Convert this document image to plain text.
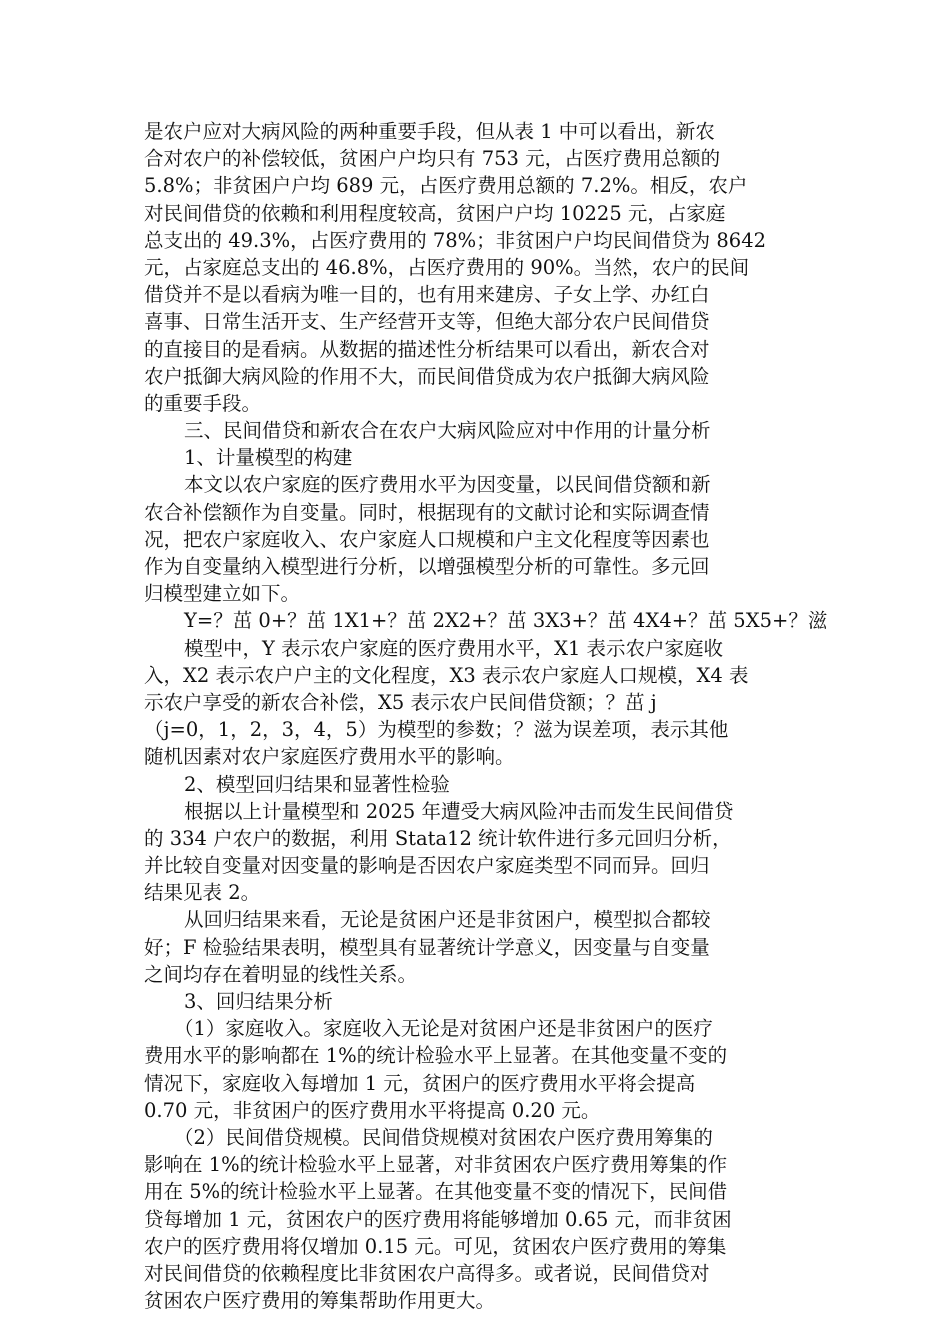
是农户应对大病风险的两种重要手段，但从表 1 中可以看出，新农
合对农户的补偿较低，贫困户户均只有 753 元，占医疗费用总额的
5.8%；非贫困户户均 689 元，占医疗费用总额的 7.2%。相反，农户
对民间借贷的依赖和利用程度较高，贫困户户均 10225 元，占家庭
总支出的 49.3%，占医疗费用的 78%；非贫困户户均民间借贷为 8642
元，占家庭总支出的 46.8%，占医疗费用的 90%。当然，农户的民间
借贷并不是以看病为唯一目的，也有用来建房、子女上学、办红白
喜事、日常生活开支、生产经营开支等，但绝大部分农户民间借贷
的直接目的是看病。从数据的描述性分析结果可以看出，新农合对
农户抵御大病风险的作用不大，而民间借贷成为农户抵御大病风险
的重要手段。
三、民间借贷和新农合在农户大病风险应对中作用的计量分析
1、计量模型的构建
本文以农户家庭的医疗费用水平为因变量，以民间借贷额和新
农合补偿额作为自变量。同时，根据现有的文献讨论和实际调查情
况，把农户家庭收入、农户家庭人口规模和户主文化程度等因素也
作为自变量纳入模型进行分析，以增强模型分析的可靠性。多元回
归模型建立如下。
Y=？茁 0+？茁 1X1+？茁 2X2+？茁 3X3+？茁 4X4+？茁 5X5+？滋
模型中，Y 表示农户家庭的医疗费用水平，X1 表示农户家庭收
入，X2 表示农户户主的文化程度，X3 表示农户家庭人口规模，X4 表
示农户享受的新农合补偿，X5 表示农户民间借贷额；？茁 j
（j=0，1，2，3，4，5）为模型的参数；？滋为误差项，表示其他
随机因素对农户家庭医疗费用水平的影响。
2、模型回归结果和显著性检验
根据以上计量模型和 2025 年遭受大病风险冲击而发生民间借贷
的 334 户农户的数据，利用 Stata12 统计软件进行多元回归分析，
并比较自变量对因变量的影响是否因农户家庭类型不同而异。回归
结果见表 2。
从回归结果来看，无论是贫困户还是非贫困户，模型拟合都较
好；F 检验结果表明，模型具有显著统计学意义，因变量与自变量
之间均存在着明显的线性关系。
3、回归结果分析
（1）家庭收入。家庭收入无论是对贫困户还是非贫困户的医疗
费用水平的影响都在 1%的统计检验水平上显著。在其他变量不变的
情况下，家庭收入每增加 1 元，贫困户的医疗费用水平将会提高
0.70 元，非贫困户的医疗费用水平将提高 0.20 元。
（2）民间借贷规模。民间借贷规模对贫困农户医疗费用筹集的
影响在 1%的统计检验水平上显著，对非贫困农户医疗费用筹集的作
用在 5%的统计检验水平上显著。在其他变量不变的情况下，民间借
贷每增加 1 元，贫困农户的医疗费用将能够增加 0.65 元，而非贫困
农户的医疗费用将仅增加 0.15 元。可见，贫困农户医疗费用的筹集
对民间借贷的依赖程度比非贫困农户高得多。或者说，民间借贷对
贫困农户医疗费用的筹集帮助作用更大。
